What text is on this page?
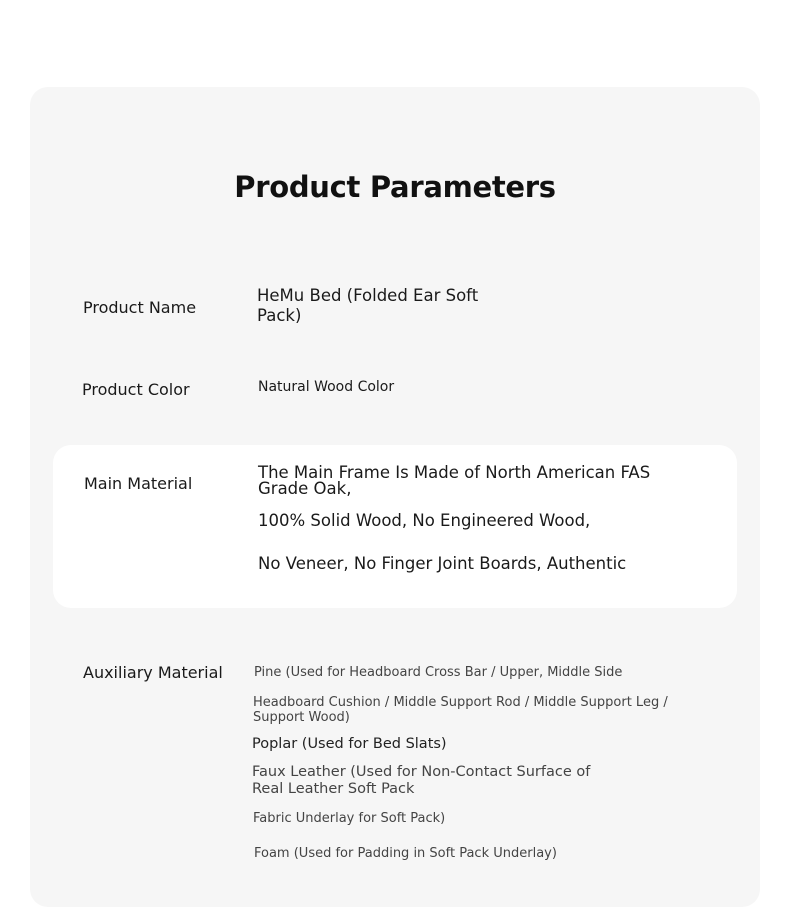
Product Parameters
Product Name
HeMu Bed (Folded Ear Soft
Pack)
Product Color	Natural Wood Color
Main Material
The Main Frame Is Made of North American FAS
Grade Oak,
100% Solid Wood, No Engineered Wood,
No Veneer, No Finger Joint Boards, Authentic
Auxiliary Material Pine (Used for Headboard Cross Bar / Upper, Middle Side
Headboard Cushion / Middle Support Rod / Middle Support Leg /
Support Wood)
Poplar (Used for Bed Slats)
Faux Leather (Used for Non-Contact Surface of
Real Leather Soft Pack
Fabric Underlay for Soft Pack)
Foam (Used for Padding in Soft Pack Underlay)
